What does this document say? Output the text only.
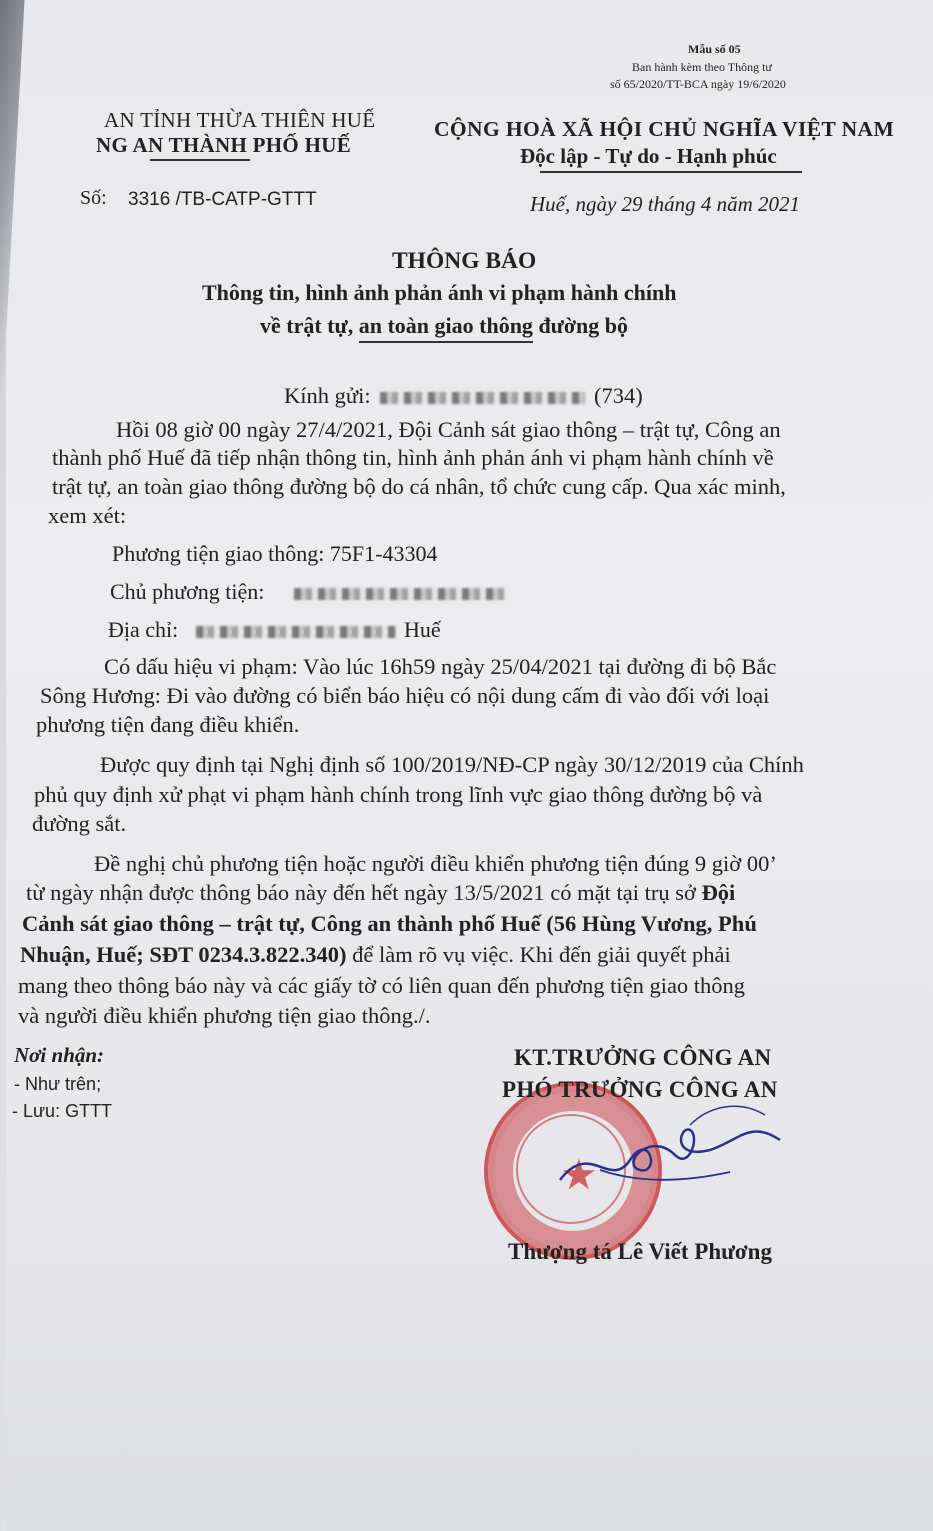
Mẫu số 05
Ban hành kèm theo Thông tư
số 65/2020/TT-BCA ngày 19/6/2020
AN TỈNH THỪA THIÊN HUẾ
NG AN THÀNH PHỐ HUẾ
Số: 3316 /TB-CATP-GTTT
CỘNG HOÀ XÃ HỘI CHỦ NGHĨA VIỆT NAM
Độc lập - Tự do - Hạnh phúc
Huế, ngày 29 tháng 4 năm 2021
THÔNG BÁO
Thông tin, hình ảnh phản ánh vi phạm hành chính
về trật tự, an toàn giao thông đường bộ
Kính gửi:	(734)
Hồi 08 giờ 00 ngày 27/4/2021, Đội Cảnh sát giao thông – trật tự, Công an
thành phố Huế đã tiếp nhận thông tin, hình ảnh phản ánh vi phạm hành chính về
trật tự, an toàn giao thông đường bộ do cá nhân, tổ chức cung cấp. Qua xác minh,
xem xét:
Phương tiện giao thông: 75F1-43304
Chủ phương tiện:
Địa chỉ:	Huế
Có dấu hiệu vi phạm: Vào lúc 16h59 ngày 25/04/2021 tại đường đi bộ Bắc
Sông Hương: Đi vào đường có biển báo hiệu có nội dung cấm đi vào đối với loại
phương tiện đang điều khiển.
Được quy định tại Nghị định số 100/2019/NĐ-CP ngày 30/12/2019 của Chính
phủ quy định xử phạt vi phạm hành chính trong lĩnh vực giao thông đường bộ và
đường sắt.
Đề nghị chủ phương tiện hoặc người điều khiển phương tiện đúng 9 giờ 00’
từ ngày nhận được thông báo này đến hết ngày 13/5/2021 có mặt tại trụ sở Đội
Cảnh sát giao thông – trật tự, Công an thành phố Huế (56 Hùng Vương, Phú
Nhuận, Huế; SĐT 0234.3.822.340) để làm rõ vụ việc. Khi đến giải quyết phải
mang theo thông báo này và các giấy tờ có liên quan đến phương tiện giao thông
và người điều khiển phương tiện giao thông./.
Nơi nhận:
- Như trên;
- Lưu: GTTT
★
KT.TRƯỞNG CÔNG AN
PHÓ TRƯỞNG CÔNG AN
Thượng tá Lê Viết Phương
